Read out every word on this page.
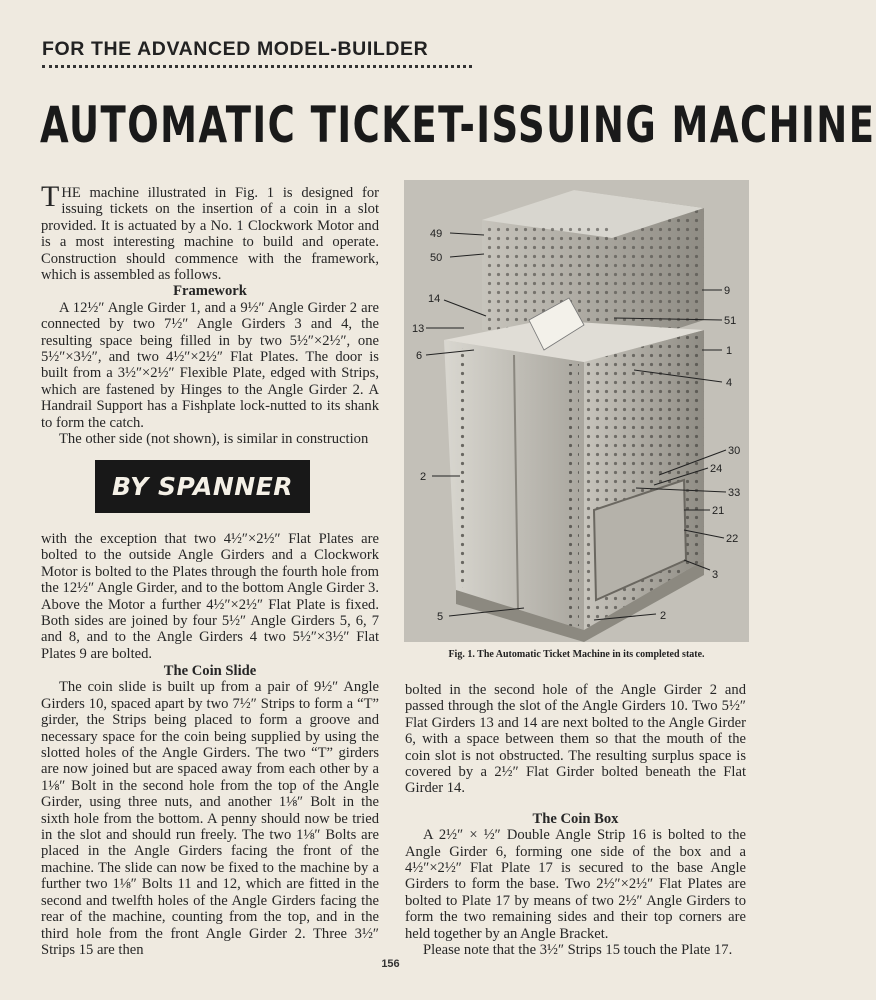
FOR THE ADVANCED MODEL-BUILDER
AUTOMATIC TICKET-ISSUING MACHINE

THE machine illustrated in Fig. 1 is designed for issuing tickets on the insertion of a coin in a slot provided. It is actuated by a No. 1 Clockwork Motor and is a most interesting machine to build and operate. Construction should commence with the framework, which is assembled as follows.

Framework

A 12½″ Angle Girder 1, and a 9½″ Angle Girder 2 are connected by two 7½″ Angle Girders 3 and 4, the resulting space being filled in by two 5½″×2½″, one 5½″×3½″, and two 4½″×2½″ Flat Plates. The door is built from a 3½″×2½″ Flexible Plate, edged with Strips, which are fastened by Hinges to the Angle Girder 2. A Handrail Support has a Fishplate lock-nutted to its shank to form the catch.

The other side (not shown), is similar in construction

BY SPANNER

with the exception that two 4½″×2½″ Flat Plates are bolted to the outside Angle Girders and a Clockwork Motor is bolted to the Plates through the fourth hole from the 12½″ Angle Girder, and to the bottom Angle Girder 3. Above the Motor a further 4½″×2½″ Flat Plate is fixed. Both sides are joined by four 5½″ Angle Girders 5, 6, 7 and 8, and to the Angle Girders 4 two 5½″×3½″ Flat Plates 9 are bolted.

The Coin Slide

The coin slide is built up from a pair of 9½″ Angle Girders 10, spaced apart by two 7½″ Strips to form a “T” girder, the Strips being placed to form a groove and necessary space for the coin being supplied by using the slotted holes of the Angle Girders. The two “T” girders are now joined but are spaced away from each other by a 1⅛″ Bolt in the second hole from the top of the Angle Girder, using three nuts, and another 1⅛″ Bolt in the sixth hole from the bottom. A penny should now be tried in the slot and should run freely. The two 1⅛″ Bolts are placed in the Angle Girders facing the front of the machine. The slide can now be fixed to the machine by a further two 1⅛″ Bolts 11 and 12, which are fitted in the second and twelfth holes of the Angle Girders facing the rear of the machine, counting from the top, and in the third hole from the front Angle Girder 2. Three 3½″ Strips 15 are then

49
50
14
13
6
2
5
9
51
1
4
30
24
33
21
22
3
2
Fig. 1. The Automatic Ticket Machine in its completed state.

bolted in the second hole of the Angle Girder 2 and passed through the slot of the Angle Girders 10. Two 5½″ Flat Girders 13 and 14 are next bolted to the Angle Girder 6, with a space between them so that the mouth of the coin slot is not obstructed. The resulting surplus space is covered by a 2½″ Flat Girder bolted beneath the Flat Girder 14.

The Coin Box

A 2½″ × ½″ Double Angle Strip 16 is bolted to the Angle Girder 6, forming one side of the box and a 4½″×2½″ Flat Plate 17 is secured to the base Angle Girders to form the base. Two 2½″×2½″ Flat Plates are bolted to Plate 17 by means of two 2½″ Angle Girders to form the two remaining sides and their top corners are held together by an Angle Bracket.

Please note that the 3½″ Strips 15 touch the Plate 17.

156
